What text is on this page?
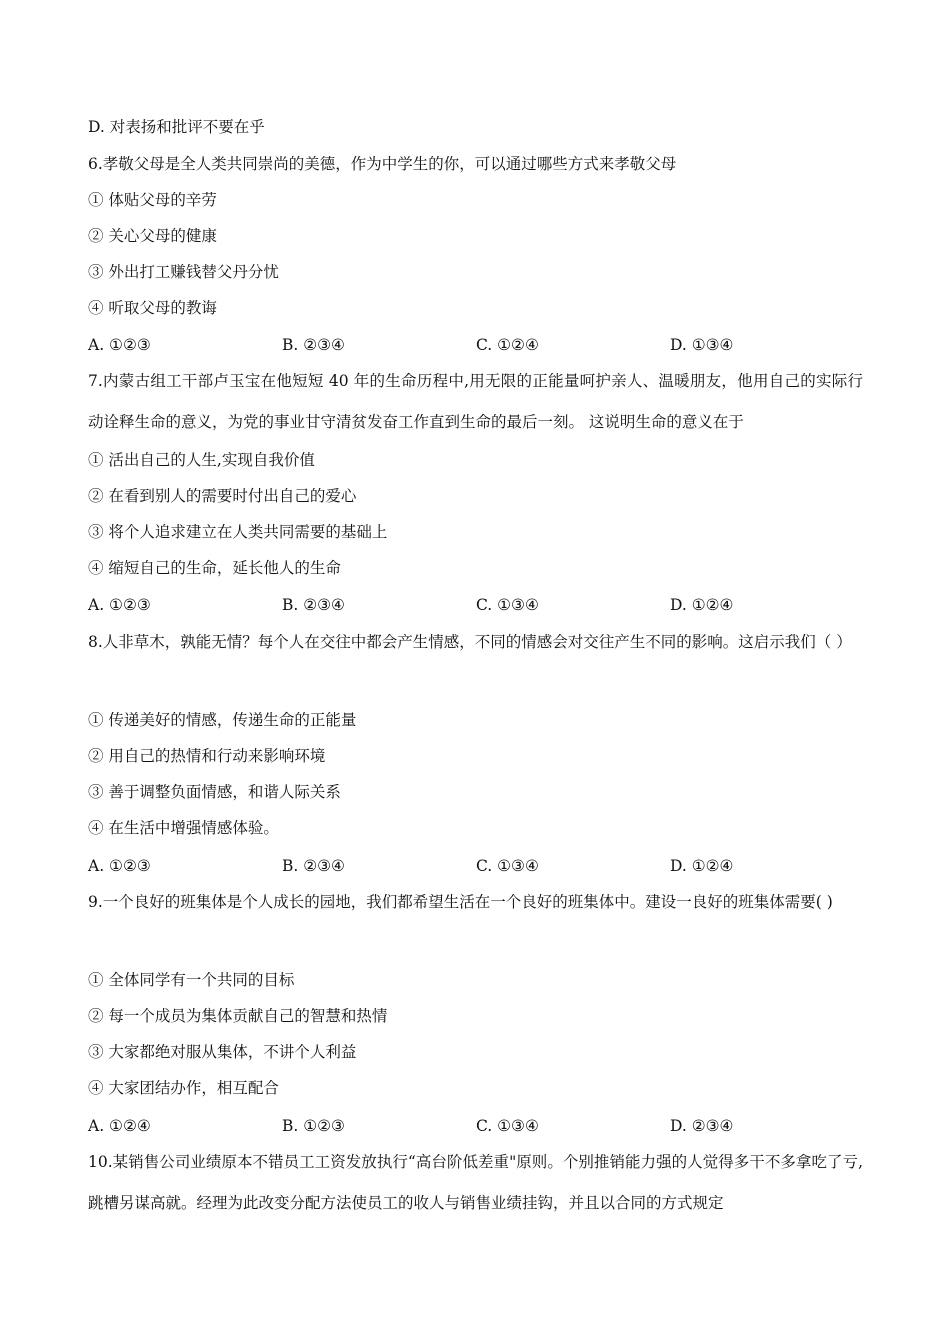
D. 对表扬和批评不要在乎
6.孝敬父母是全人类共同崇尚的美德，作为中学生的你，可以通过哪些方式来孝敬父母
① 体贴父母的辛劳
② 关心父母的健康
③ 外出打工赚钱替父丹分忧
④ 听取父母的教诲
A. ①②③	B. ②③④	C. ①②④	D. ①③④
7.内蒙古组工干部卢玉宝在他短短 40 年的生命历程中,用无限的正能量呵护亲人、温暖朋友，他用自己的实际行动诠释生命的意义，为党的事业甘守清贫发奋工作直到生命的最后一刻。 这说明生命的意义在于
① 活出自己的人生,实现自我价值
② 在看到别人的需要时付出自己的爱心
③ 将个人追求建立在人类共同需要的基础上
④ 缩短自己的生命，延长他人的生命
A. ①②③	B. ②③④	C. ①③④	D. ①②④
8.人非草木，孰能无情？每个人在交往中都会产生情感，不同的情感会对交往产生不同的影响。这启示我们（ ）
① 传递美好的情感，传递生命的正能量
② 用自己的热情和行动来影响环境
③ 善于调整负面情感，和谐人际关系
④ 在生活中增强情感体验。
A. ①②③	B. ②③④	C. ①③④	D. ①②④
9.一个良好的班集体是个人成长的园地，我们都希望生活在一个良好的班集体中。建设一良好的班集体需要( )
① 全体同学有一个共同的目标
② 每一个成员为集体贡献自己的智慧和热情
③ 大家都绝对服从集体，不讲个人利益
④ 大家团结办作，相互配合
A. ①②④	B. ①②③	C. ①③④	D. ②③④
10.某销售公司业绩原本不错员工工资发放执行“高台阶低差重"原则。个别推销能力强的人觉得多干不多拿吃了亏,跳槽另谋高就。经理为此改变分配方法使员工的收人与销售业绩挂钩，并且以合同的方式规定
